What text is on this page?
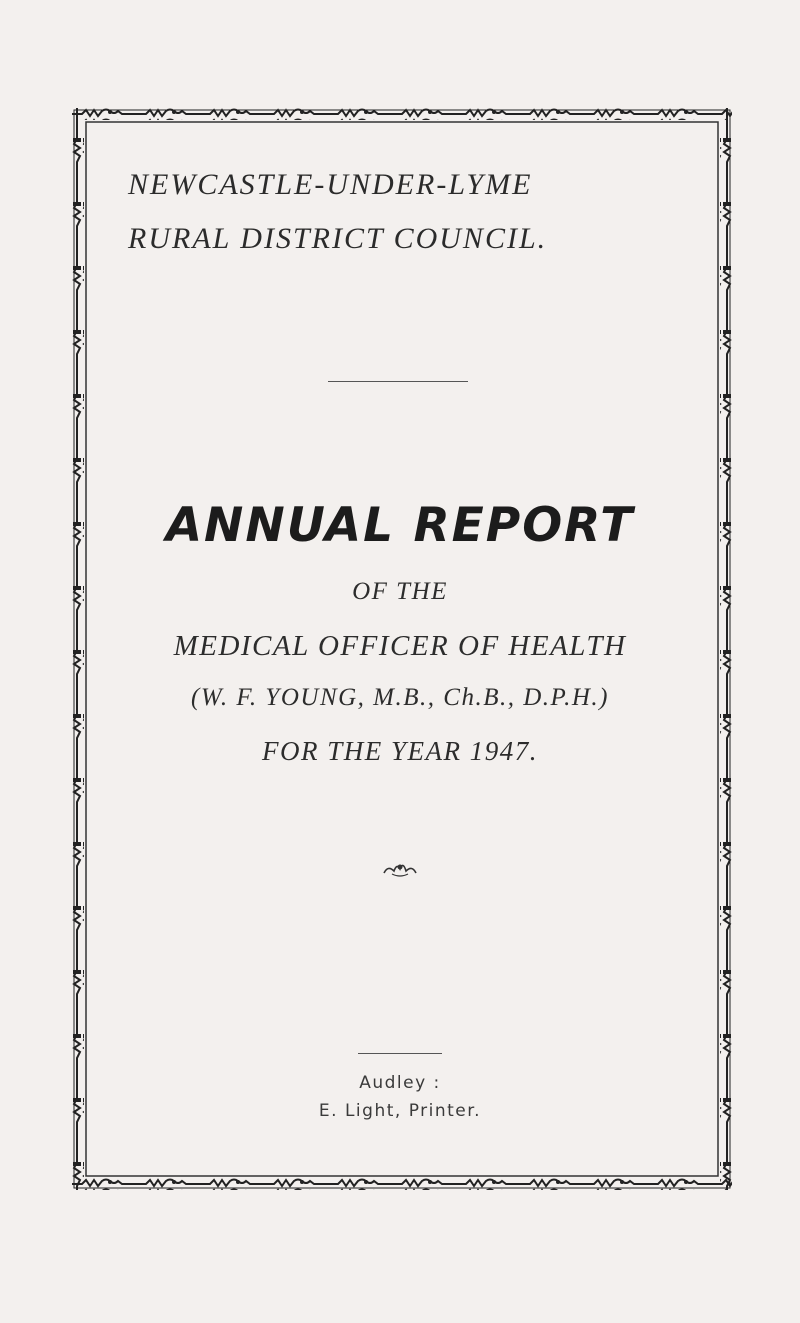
NEWCASTLE-UNDER-LYME
RURAL DISTRICT COUNCIL.
ANNUAL REPORT
OF THE
MEDICAL OFFICER OF HEALTH
(W. F. YOUNG, M.B., Ch.B., D.P.H.)
FOR THE YEAR 1947.
Audley :
E. Light, Printer.
